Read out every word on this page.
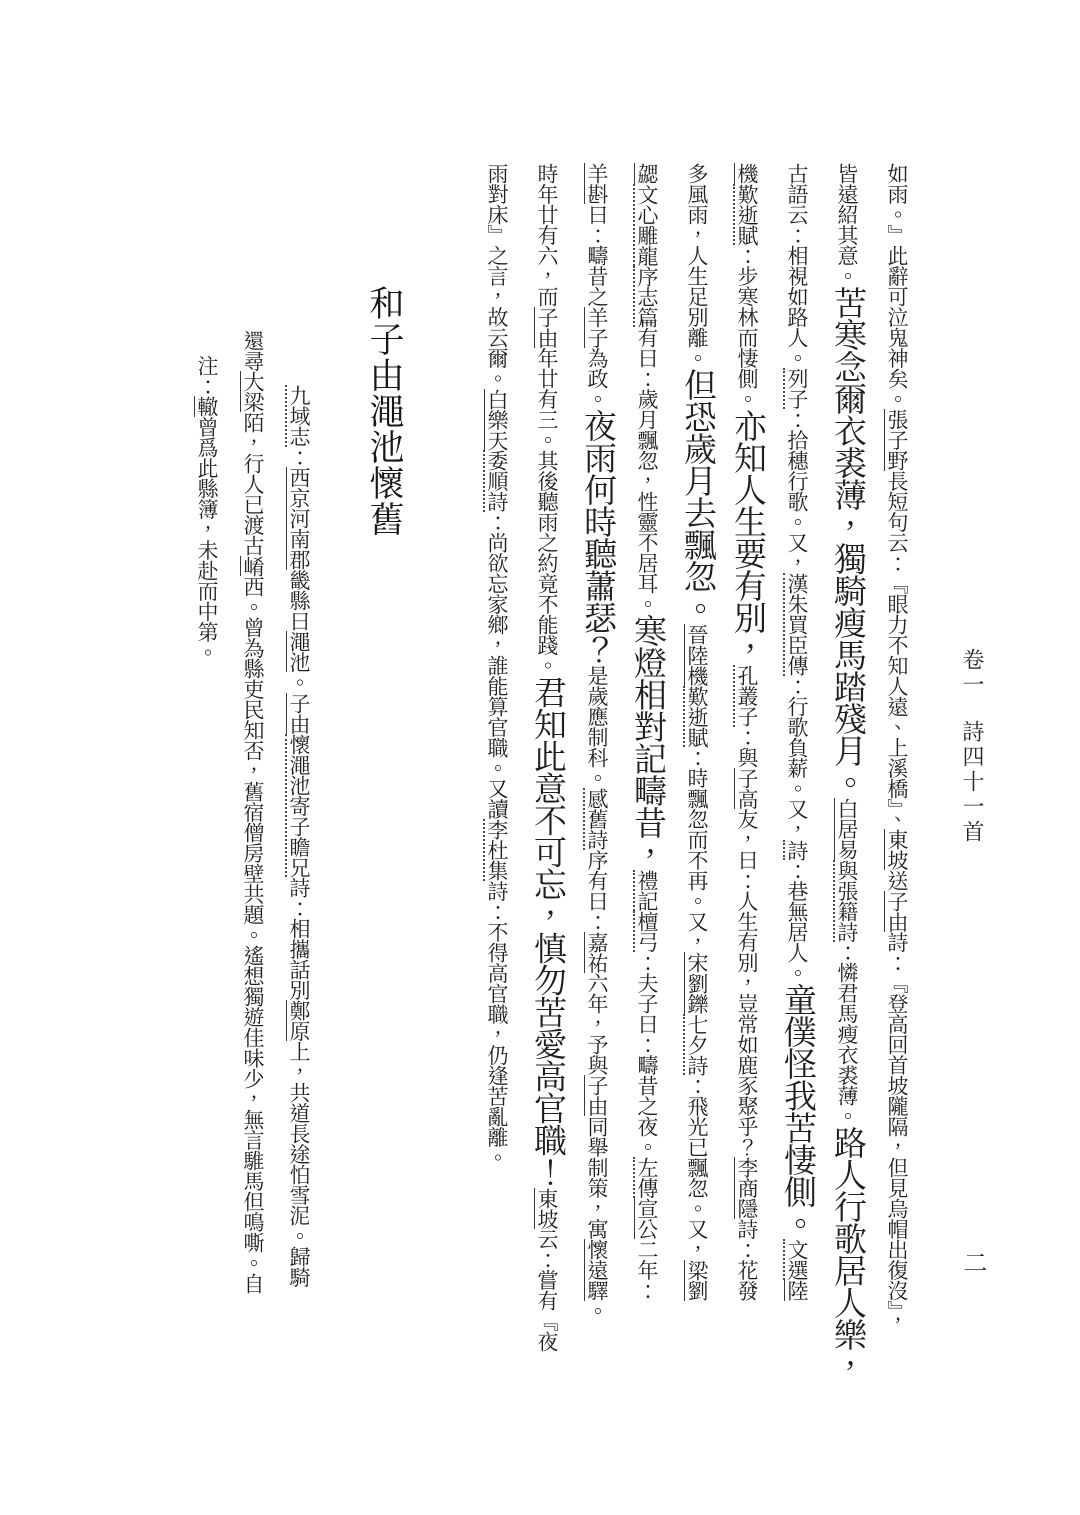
卷一詩四十一首
二
如雨。』此辭可泣鬼神矣。張子野長短句云：『眼力不知人遠、上溪橋』、東坡送子由詩：『登高回首坡隴隔，但見烏帽出復沒』，
皆遠紹其意。苦寒念爾衣裘薄，獨騎瘦馬踏殘月。白居易與張籍詩：憐君馬瘦衣裘薄。路人行歌居人樂，
古語云：相視如路人。列子：拾穗行歌。又，漢朱買臣傳：行歌負薪。又，詩：巷無居人。童僕怪我苦悽側。文選陸
機歎逝賦：步寒林而悽側。亦知人生要有別，孔叢子：與子高友，曰：人生有別，豈常如鹿豕聚乎？李商隱詩：花發
多風雨，人生足別離。但恐歲月去飄忽。晉陸機歎逝賦：時飄忽而不再。又，宋劉鑠七夕詩：飛光已飄忽。又，梁劉
勰文心雕龍序志篇有曰：歲月飄忽，性靈不居耳。寒燈相對記疇昔，禮記檀弓：夫子曰：疇昔之夜。左傳宣公二年：
羊斟曰：疇昔之羊子為政。夜雨何時聽蕭瑟？是歲應制科。感舊詩序有曰：嘉祐六年，予與子由同舉制策，寓懷遠驛。
時年廿有六，而子由年廿有三。其後聽雨之約竟不能踐。君知此意不可忘，慎勿苦愛高官職！東坡云：嘗有『夜
雨對床』之言，故云爾。白樂天委順詩：尚欲忘家鄉，誰能算官職。又讀李杜集詩：不得高官職，仍逢苦亂離。
和子由澠池懷舊
九域志：西京河南郡畿縣曰澠池。子由懷澠池寄子瞻兄詩：相攜話別鄭原上，共道長途怕雪泥。歸騎
還尋大梁陌，行人已渡古崤西。曾為縣吏民知否，舊宿僧房壁共題。遙想獨遊佳味少，無言騅馬但鳴嘶。自
注：轍曾爲此縣簿，未赴而中第。
